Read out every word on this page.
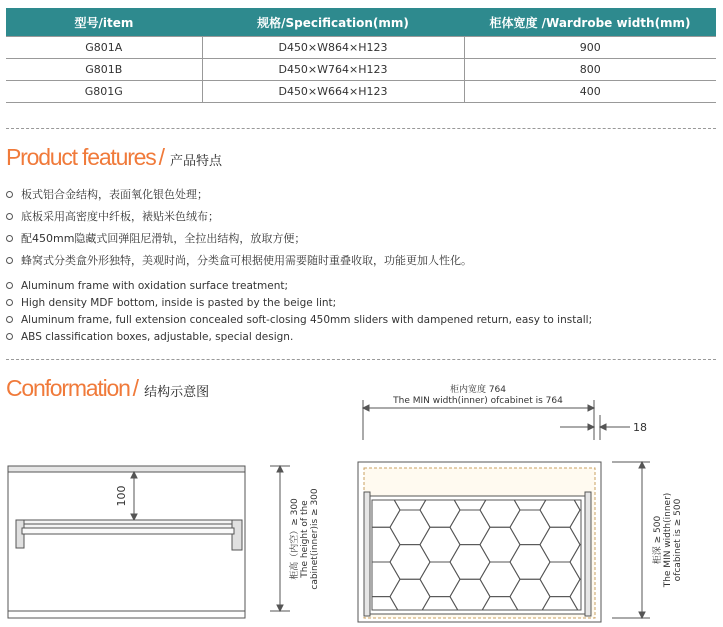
型号/item	规格/Specification(mm)	柜体宽度 /Wardrobe width(mm)
G801A	D450×W864×H123	900
G801B	D450×W764×H123	800
G801G	D450×W664×H123	400
Product features / 产品特点
板式铝合金结构，表面氧化银色处理；
底板采用高密度中纤板，裱贴米色绒布；
配450mm隐藏式回弹阻尼滑轨，全拉出结构，放取方便；
蜂窝式分类盒外形独特，美观时尚，分类盒可根据使用需要随时重叠收取，功能更加人性化。
Aluminum frame with oxidation surface treatment;
High density MDF bottom, inside is pasted by the beige lint;
Aluminum frame, full extension concealed soft-closing 450mm sliders with dampened return, easy to install;
ABS classification boxes, adjustable, special design.
Conformation / 结构示意图
100
柜高（内空）≥ 300 The height of the cabinet(inner)is ≥ 300
柜内宽度 764
The MIN width(inner) ofcabinet is 764
18
柜深 ≥ 500 The MIN width(inner) ofcabinet is ≥ 500
